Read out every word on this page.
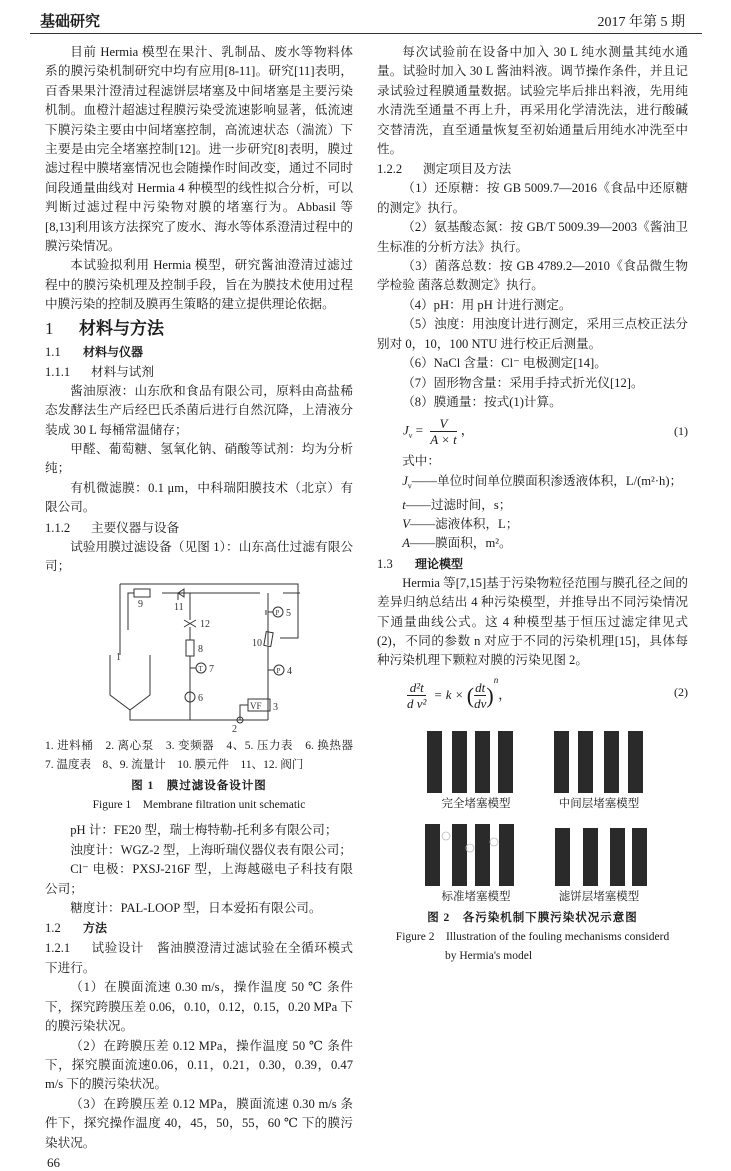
基础研究	2017 年第 5 期
目前 Hermia 模型在果汁、乳制品、废水等物料体系的膜污染机制研究中均有应用[8-11]。研究[11]表明，百香果果汁澄清过程滤饼层堵塞及中间堵塞是主要污染机制。血橙汁超滤过程膜污染受流速影响显著，低流速下膜污染主要由中间堵塞控制，高流速状态（湍流）下主要是由完全堵塞控制[12]。进一步研究[8]表明，膜过滤过程中膜堵塞情况也会随操作时间改变，通过不同时间段通量曲线对 Hermia 4 种模型的线性拟合分析，可以判断过滤过程中污染物对膜的堵塞行为。Abbasil 等[8,13]利用该方法探究了废水、海水等体系澄清过程中的膜污染情况。
本试验拟利用 Hermia 模型，研究酱油澄清过滤过程中的膜污染机理及控制手段，旨在为膜技术使用过程中膜污染的控制及膜再生策略的建立提供理论依据。
1 材料与方法
1.1 材料与仪器
1.1.1 材料与试剂
酱油原液：山东欣和食品有限公司，原料由高盐稀态发酵法生产后经巴氏杀菌后进行自然沉降，上清液分装成 30 L 每桶常温储存；
甲醛、葡萄糖、氢氧化钠、硝酸等试剂：均为分析纯；
有机微滤膜：0.1 μm，中科瑞阳膜技术（北京）有限公司。
1.1.2 主要仪器与设备
试验用膜过滤设备（见图 1）：山东高仕过滤有限公司；
9	11
12
8
7
6
5
10
4
1
2
VF 3
P
P
T
1. 进料桶　2. 离心泵　3. 变频器　4、5. 压力表　6. 换热器　7. 温度表　8、9. 流量计　10. 膜元件　11、12. 阀门
图 1　膜过滤设备设计图
Figure 1　Membrane filtration unit schematic
pH 计：FE20 型，瑞士梅特勒-托利多有限公司；
浊度计：WGZ-2 型，上海昕瑞仪器仪表有限公司；
Cl⁻ 电极：PXSJ-216F 型，上海越磁电子科技有限公司；
糖度计：PAL-LOOP 型，日本爱拓有限公司。
1.2 方法
1.2.1 试验设计　 酱油膜澄清过滤试验在全循环模式下进行。
（1）在膜面流速 0.30 m/s，操作温度 50 ℃ 条件下，探究跨膜压差 0.06，0.10，0.12，0.15，0.20 MPa 下的膜污染状况。
（2）在跨膜压差 0.12 MPa，操作温度 50 ℃ 条件下，探究膜面流速0.06，0.11，0.21，0.30，0.39，0.47 m/s 下的膜污染状况。
（3）在跨膜压差 0.12 MPa，膜面流速 0.30 m/s 条件下，探究操作温度 40，45，50，55，60 ℃ 下的膜污染状况。
66
每次试验前在设备中加入 30 L 纯水测量其纯水通量。试验时加入 30 L 酱油料液。调节操作条件，并且记录试验过程膜通量数据。试验完毕后排出料液，先用纯水清洗至通量不再上升，再采用化学清洗法，进行酸碱交替清洗，直至通量恢复至初始通量后用纯水冲洗至中性。
1.2.2 测定项目及方法
（1）还原糖：按 GB 5009.7—2016《食品中还原糖的测定》执行。
（2）氨基酸态氮：按 GB/T 5009.39—2003《酱油卫生标准的分析方法》执行。
（3）菌落总数：按 GB 4789.2—2010《食品微生物学检验 菌落总数测定》执行。
（4）pH：用 pH 计进行测定。
（5）浊度：用浊度计进行测定，采用三点校正法分别对 0，10，100 NTU 进行校正后测量。
（6）NaCl 含量：Cl⁻ 电极测定[14]。
（7）固形物含量：采用手持式折光仪[12]。
（8）膜通量：按式(1)计算。
$J_v = \frac{V}{A \times t}$ ，	(1)
式中：
$J_v——$单位时间单位膜面积渗透液体积，L/(m²·h)；
t——过滤时间，s；
V——滤液体积，L；
A——膜面积，m²。
1.3 理论模型
Hermia 等[7,15]基于污染物粒径范围与膜孔径之间的差异归纳总结出 4 种污染模型，并推导出不同污染情况下通量曲线公式。这 4 种模型基于恒压过滤定律见式(2)，不同的参数 n 对应于不同的污染机理[15]，具体每种污染机理下颗粒对膜的污染见图 2。
$\frac{\text{d²t}}{\text{d v²}} = k$ × ( $\frac{dt}{dv} )^n$，	(2)
完全堵塞模型	中间层堵塞模型
标准堵塞模型	滤饼层堵塞模型
图 2　各污染机制下膜污染状况示意图
Figure 2　Illustration of the fouling mechanisms considerd
by Hermia's model
